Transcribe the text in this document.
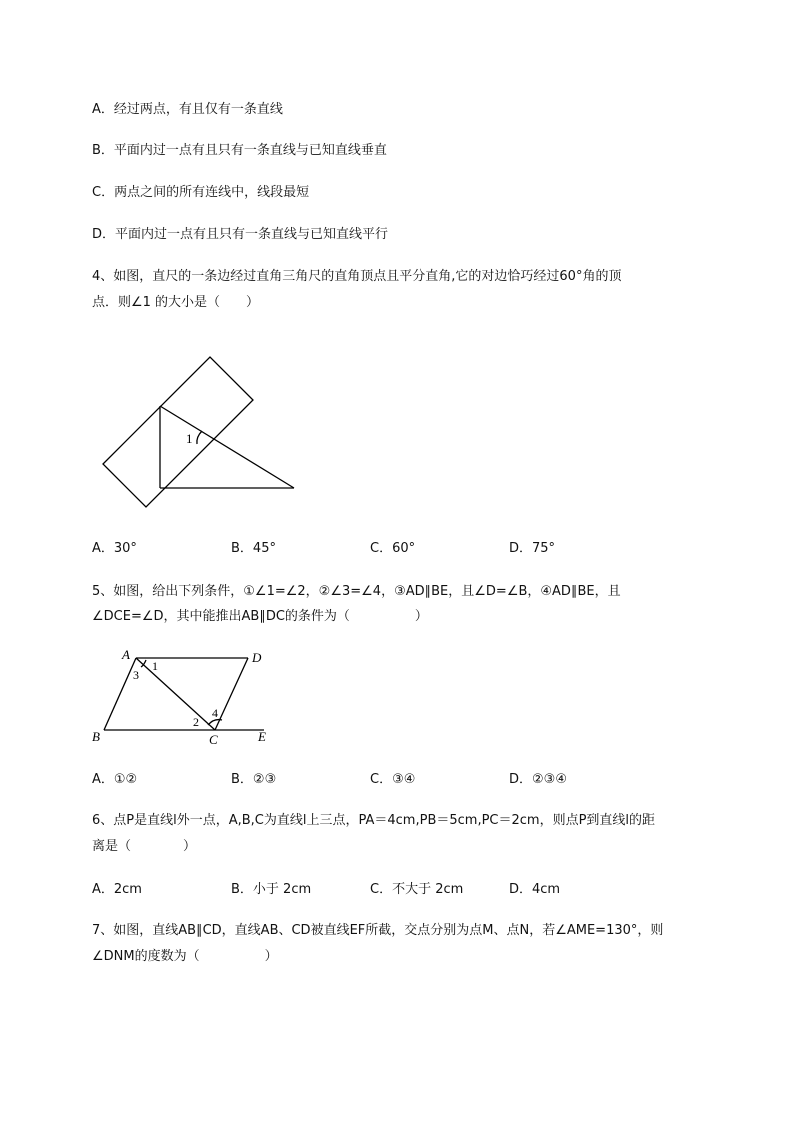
A．经过两点，有且仅有一条直线
B．平面内过一点有且只有一条直线与已知直线垂直
C．两点之间的所有连线中，线段最短
D．平面内过一点有且只有一条直线与已知直线平行
4、如图，直尺的一条边经过直角三角尺的直角顶点且平分直角,它的对边恰巧经过60°角的顶
点．则∠1 的大小是（　　）
1
A．30°	B．45°	C．60°	D．75°
5、如图，给出下列条件，①∠1=∠2，②∠3=∠4，③AD∥BE，且∠D=∠B，④AD∥BE，且
∠DCE=∠D，其中能推出AB∥DC的条件为（　　　　　）
A	D
B	C	E
1
3
4
2
A．①②	B．②③	C．③④	D．②③④
6、点P是直线l外一点，A,B,C为直线l上三点，PA＝4cm,PB＝5cm,PC＝2cm，则点P到直线l的距
离是（　　　　）
A．2cm	B．小于 2cm	C．不大于 2cm	D．4cm
7、如图，直线AB∥CD，直线AB、CD被直线EF所截，交点分别为点M、点N，若∠AME=130°，则
∠DNM的度数为（　　　　　）
